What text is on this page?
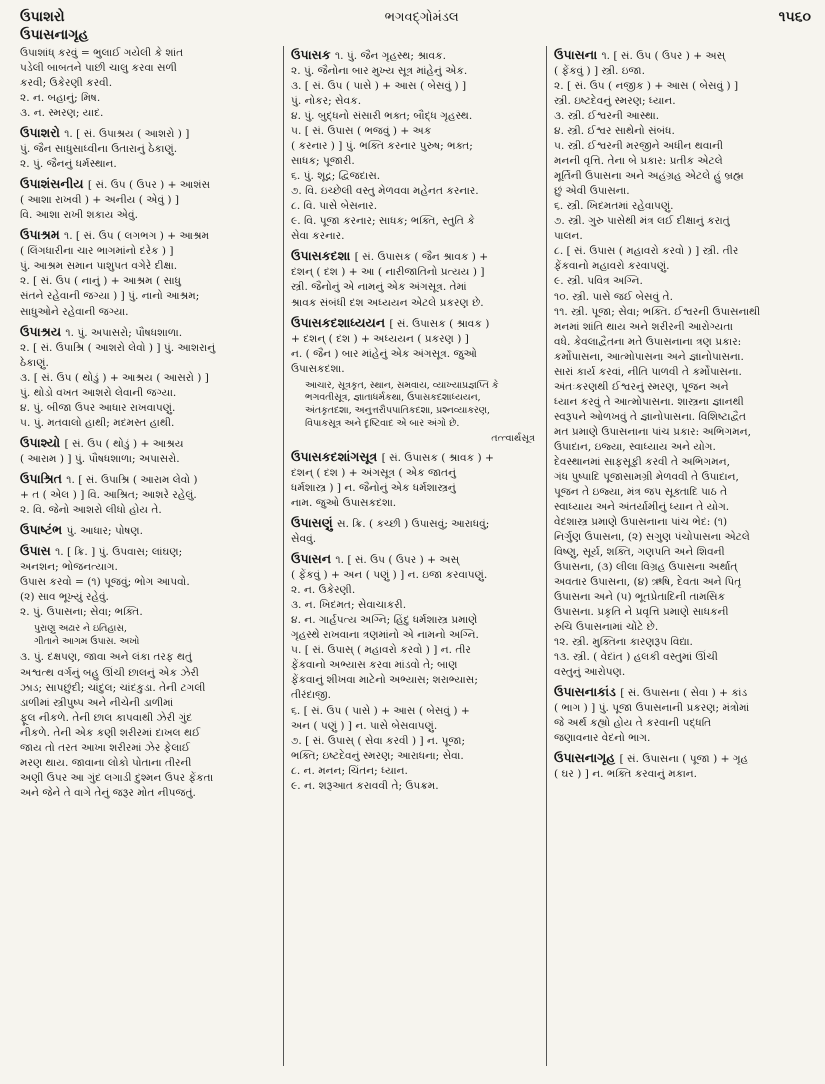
ઉપાશરો	ભગવદ્ગોમંડલ	૧૫૬૦
ઉપાસનાગૃહ
ઉપાશાંધ્ કરવું = ભુલાઈ ગયેલી કે શાંત
પડેલી બાબતને પાછી ચાલુ કરવા સળી
કરવી; ઉકેરણી કરવી.
૨. ન. બહાનું; મિષ.
૩. ન. સ્મરણ; યાદ.
ઉપાશરો ૧. [ સં. ઉપાશ્રય ( આશરો ) ]
પું. જૈન સાધુસાધ્વીના ઉતારાનું ઠેકાણું.
૨. પું. જૈનનું ધર્મસ્થાન.
ઉપાશંસનીય [ સં. ઉપ ( ઉપર ) + આશંસ
( આશા રાખવી ) + અનીય ( એવું ) ]
વિ. આશા રાખી શકાય એવું.
ઉપાશ્રમ ૧. [ સં. ઉપ ( લગભગ ) + આશ્રમ
( લિંગધારીના ચાર ભાગમાંનો દરેક ) ]
પું. આશ્રમ સમાન પાશુપત વગેરે દીક્ષા.
૨. [ સં. ઉપ ( નાનું ) + આશ્રમ ( સાધુ
સંતને રહેવાની જગ્યા ) ] પું. નાનો આશ્રમ;
સાધુઓને રહેવાની જગ્યા.
ઉપાશ્રય ૧. પું. અપાસરો; પૌષધશાળા.
૨. [ સં. ઉપાશ્રિ ( આશરો લેવો ) ] પું. આશરાનું
ઠેકાણું.
૩. [ સં. ઉપ ( થોડું ) + આશ્રય ( આસરો ) ]
પું. થોડો વખત આશરો લેવાની જગ્યા.
૪. પું. બીજા ઉપર આધાર રાખવાપણું.
૫. પું. મતવાલો હાથી; મદમસ્ત હાથી.
ઉપાશ્યો [ સં. ઉપ ( થોડું ) + આશ્રય
( આરામ ) ] પું. પૌષધશાળા; અપાસરો.
ઉપાશ્રિત ૧. [ સં. ઉપાશ્રિ ( આરામ લેવો )
+ ત ( એલ ) ] વિ. આશ્રિત; આશરે રહેલું.
૨. વિ. જેનો આશરો લીધો હોય તે.
ઉપાષ્ટંભ પું. આધાર; પોષણ.
ઉપાસ ૧. [ ક્રિ. ] પું. ઉપવાસ; લાંઘણ;
અનશન; ભોજનત્યાગ.
ઉપાસ કરવો = (૧) પૂજવું; ભોગ આપવો.
(૨) સાવ ભૂખ્યું રહેવું.
૨. પું. ઉપાસના; સેવા; ભક્તિ.
પુરાણુ અઢાર ને ઇતિહાસ,
ગીતાને આગમ ઉપાસ. અખો
૩. પું. દક્ષપણ, જાવા અને લંકા તરફ થતું
અશ્વત્થ વર્ગનું બહુ ઊંચી છાલનું એક ઝેરી
ઝાડ; સાપછુંદી; ચાંદુલ; ચાંદકુડા. તેની ટગલી
ડાળીમાં સ્ત્રીપુષ્પ અને નીચેની ડાળીમાં
ફૂલ નીકળે. તેની છાલ કાપવાથી ઝેરી ગુંદ
નીકળે. તેની એક કણી શરીરમાં દાખલ થઈ
જાય તો તરત આખા શરીરમાં ઝેર ફેલાઈ
મરણ થાય. જાવાના લોકો પોતાના તીરની
અણી ઉપર આ ગુંદ લગાડી દુશ્મન ઉપર ફેંકતા
અને જેને તે વાગે તેનું જરૂર મોત નીપજતું.
ઉપાસક ૧. પું. જૈન ગૃહસ્થ; શ્રાવક.
૨. પું. જૈનોના બાર મુખ્ય સૂત્ર માંહેનું એક.
૩. [ સં. ઉપ ( પાસે ) + આસ ( બેસવું ) ]
પું. નોકર; સેવક.
૪. પું. બુદ્ધનો સંસારી ભક્ત; બૌદ્ધ ગૃહસ્થ.
૫. [ સં. ઉપાસ ( ભજવું ) + અક
( કરનાર ) ] પું. ભક્તિ કરનાર પુરુષ; ભક્ત;
સાધક; પૂજારી.
૬. પું. શૂદ્ર; દ્વિજદાસ.
૭. વિ. ઇચ્છેલી વસ્તુ મેળવવા મહેનત કરનાર.
૮. વિ. પાસે બેસનાર.
૯. વિ. પૂજા કરનાર; સાધક; ભક્તિ, સ્તુતિ કે
સેવા કરનાર.
ઉપાસકદશા [ સં. ઉપાસક ( જૈન શ્રાવક ) +
દશન્ ( દશ ) + આ ( નારીજાતિનો પ્રત્યય ) ]
સ્ત્રી. જૈનોનું એ નામનું એક અંગસૂત્ર. તેમાં
શ્રાવક સંબંધી દશ અધ્યયન એટલે પ્રકરણ છે.
ઉપાસકદશાધ્યયન [ સં. ઉપાસક ( શ્રાવક )
+ દશન્ ( દશ ) + અધ્યયન ( પ્રકરણ ) ]
ન. ( જૈન ) બાર માંહેનું એક અંગસૂત્ર. જુઓ
ઉપાસકદશા.
આચાર, સૂત્રકૃત, સ્થાન, સમવાય, વ્યાખ્યાપ્રજ્ઞપ્તિ કે
ભગવતીસૂત્ર, જ્ઞાતાધર્મકથા, ઉપાસકદશાધ્યયન,
અંતકૃતદશા, અનુત્તરૌપપાતિકદશા, પ્રશ્નવ્યાકરણ,
વિપાકસૂત્ર અને દૃષ્ટિવાદ એ બાર અંગો છે.
તત્ત્વાર્થસૂત્ર
ઉપાસકદશાંગસૂત્ર [ સં. ઉપાસક ( શ્રાવક ) +
દશન્ ( દશ ) + અંગસૂત્ર ( એક જાતનું
ધર્મશાસ્ત્ર ) ] ન. જૈનોનું એક ધર્મશાસ્ત્રનું
નામ. જુઓ ઉપાસકદશા.
ઉપાસણું સ. ક્રિ. ( કચ્છી ) ઉપાસવું; આરાધવું;
સેવવું.
ઉપાસન ૧. [ સં. ઉપ ( ઉપર ) + અસ્
( ફેંકવું ) + અન ( પણું ) ] ન. ઇજા કરવાપણું.
૨. ન. ઉકેરણી.
૩. ન. ખિદમત; સેવાચાકરી.
૪. ન. ગાર્હપત્ય અગ્નિ; હિંદુ ધર્મશાસ્ત્ર પ્રમાણે
ગૃહસ્થે રાખવાના ત્રણમાંનો એ નામનો અગ્નિ.
૫. [ સં. ઉપાસ્ ( મહાવરો કરવો ) ] ન. તીર
ફેંકવાનો અભ્યાસ કરવા માંડવો તે; બાણ
ફેંકવાનું શીખવા માટેનો અભ્યાસ; શરાભ્યાસ;
તીરંદાજી.
૬. [ સં. ઉપ ( પાસે ) + આસ ( બેસવું ) +
અન ( પણું ) ] ન. પાસે બેસવાપણું.
૭. [ સં. ઉપાસ્ ( સેવા કરવી ) ] ન. પૂજા;
ભક્તિ; ઇષ્ટદેવનું સ્મરણ; આરાધના; સેવા.
૮. ન. મનન; ચિંતન; ધ્યાન.
૯. ન. શરૂઆત કરાવવી તે; ઉપક્રમ.
ઉપાસના ૧. [ સં. ઉપ ( ઉપર ) + અસ્
( ફેંકવું ) ] સ્ત્રી. ઇજા.
૨. [ સં. ઉપ ( નજીક ) + આસ ( બેસવું ) ]
સ્ત્રી. ઇષ્ટદેવનું સ્મરણ; ધ્યાન.
૩. સ્ત્રી. ઈશ્વરની આસ્થા.
૪. સ્ત્રી. ઈશ્વર સાથેનો સંબંધ.
૫. સ્ત્રી. ઈશ્વરની મરજીને અધીન થવાની
મનની વૃત્તિ. તેના બે પ્રકાર: પ્રતીક એટલે
મૂર્તિની ઉપાસના અને અહંગ્રહ એટલે હું બ્રહ્મ
છું એવી ઉપાસના.
૬. સ્ત્રી. ખિદમતમાં રહેવાપણું.
૭. સ્ત્રી. ગુરુ પાસેથી મંત્ર લઈ દીક્ષાનું કરાતું
પાલન.
૮. [ સં. ઉપાસ ( મહાવરો કરવો ) ] સ્ત્રી. તીર
ફેંકવાનો મહાવરો કરવાપણું.
૯. સ્ત્રી. પવિત્ર અગ્નિ.
૧૦. સ્ત્રી. પાસે જઈ બેસવું તે.
૧૧. સ્ત્રી. પૂજા; સેવા; ભક્તિ. ઈશ્વરની ઉપાસનાથી
મનમાં શાંતિ થાય અને શરીરની આરોગ્યતા
વધે. કેવલાદ્વૈતના મતે ઉપાસનાના ત્રણ પ્રકાર:
કર્મોપાસના, આત્મોપાસના અને જ્ઞાનોપાસના.
સારાં કાર્ય કરવાં, નીતિ પાળવી તે કર્મોપાસના.
અંતઃકરણથી ઈશ્વરનું સ્મરણ, પૂજન અને
ધ્યાન કરવું તે આત્મોપાસના. શાસ્ત્રના જ્ઞાનથી
સ્વરૂપને ઓળખવું તે જ્ઞાનોપાસના. વિશિષ્ટાદ્વૈત
મત પ્રમાણે ઉપાસનાના પાંચ પ્રકાર: અભિગમન,
ઉપાદાન, ઇજ્યા, સ્વાધ્યાય અને યોગ.
દેવસ્થાનમાં સાફસૂફી કરવી તે અભિગમન,
ગંધ પુષ્પાદિ પૂજાસામગ્રી મેળવવી તે ઉપાદાન,
પૂજન તે ઇજ્યા, મંત્ર જપ સૂક્તાદિ પાઠ તે
સ્વાધ્યાય અને અંતર્યામીનું ધ્યાન તે યોગ.
વેદશાસ્ત્ર પ્રમાણે ઉપાસનાના પાંચ ભેદ: (૧)
નિર્ગુણ ઉપાસના, (૨) સગુણ પંચોપાસના એટલે
વિષ્ણુ, સૂર્ય, શક્તિ, ગણપતિ અને શિવની
ઉપાસના, (૩) લીલા વિગ્રહ ઉપાસના અર્થાત્
અવતાર ઉપાસના, (૪) ઋષિ, દેવતા અને પિતૃ
ઉપાસના અને (૫) ભૂતપ્રેતાદિની તામસિક
ઉપાસના. પ્રકૃતિ ને પ્રવૃત્તિ પ્રમાણે સાધકની
રુચિ ઉપાસનામાં ચોંટે છે.
૧૨. સ્ત્રી. મુક્તિના કારણરૂપ વિદ્યા.
૧૩. સ્ત્રી. ( વેદાંત ) હલકી વસ્તુમાં ઊંચી
વસ્તુનું આરોપણ.
ઉપાસનાકાંડ [ સં. ઉપાસના ( સેવા ) + કાંડ
( ભાગ ) ] પું. પૂજા ઉપાસનાની પ્રકરણ; મંત્રોમાં
જે અર્થ કહ્યો હોય તે કરવાની પદ્ધતિ
જણાવનાર વેદનો ભાગ.
ઉપાસનાગૃહ [ સં. ઉપાસના ( પૂજા ) + ગૃહ
( ઘર ) ] ન. ભક્તિ કરવાનું મકાન.
